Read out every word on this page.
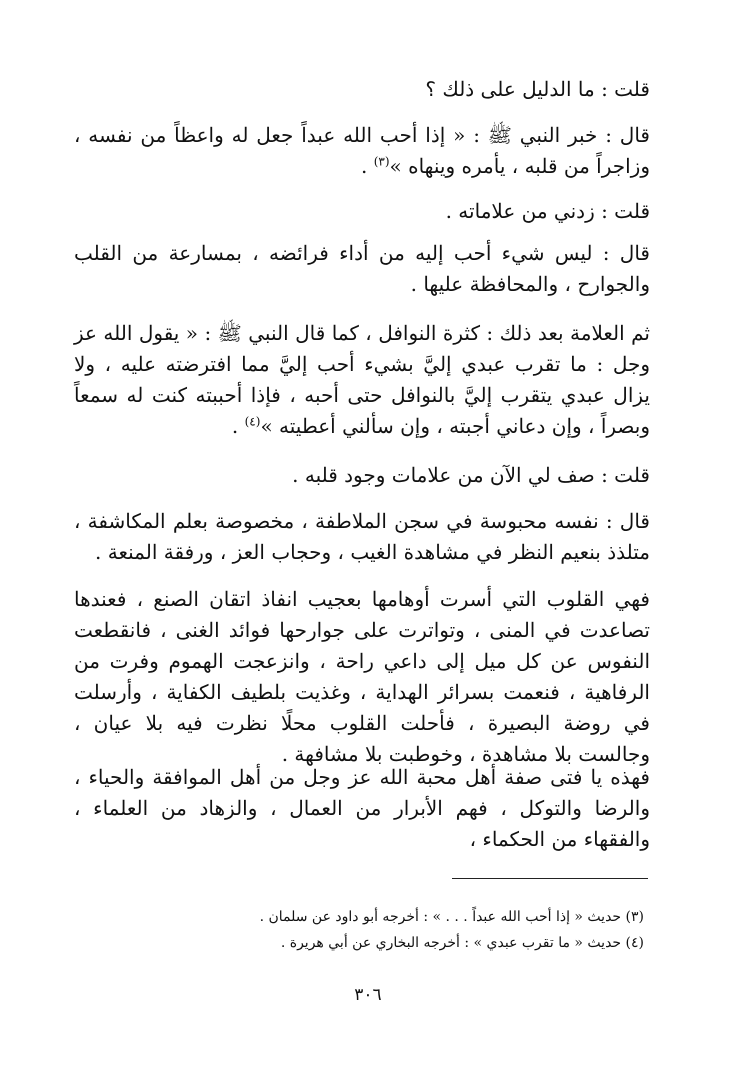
قلت : ما الدليل على ذلك ؟

قال : خبر النبي ﷺ : « إذا أحب الله عبداً جعل له واعظاً من نفسه ، وزاجراً من قلبه ، يأمره وينهاه »$^{(٣)}$ .

قلت : زدني من علاماته .

قال : ليس شيء أحب إليه من أداء فرائضه ، بمسارعة من القلب والجوارح ، والمحافظة عليها .

ثم العلامة بعد ذلك : كثرة النوافل ، كما قال النبي ﷺ : « يقول الله عز وجل : ما تقرب عبدي إليَّ بشيء أحب إليَّ مما افترضته عليه ، ولا يزال عبدي يتقرب إليَّ بالنوافل حتى أحبه ، فإذا أحببته كنت له سمعاً وبصراً ، وإن دعاني أجبته ، وإن سألني أعطيته »$^{(٤)}$ .

قلت : صف لي الآن من علامات وجود قلبه .

قال : نفسه محبوسة في سجن الملاطفة ، مخصوصة بعلم المكاشفة ، متلذذ بنعيم النظر في مشاهدة الغيب ، وحجاب العز ، ورفقة المنعة .

فهي القلوب التي أسرت أوهامها بعجيب انفاذ اتقان الصنع ، فعندها تصاعدت في المنى ، وتواترت على جوارحها فوائد الغنى ، فانقطعت النفوس عن كل ميل إلى داعي راحة ، وانزعجت الهموم وفرت من الرفاهية ، فنعمت بسرائر الهداية ، وغذيت بلطيف الكفاية ، وأرسلت في روضة البصيرة ، فأحلت القلوب محلًا نظرت فيه بلا عيان ، وجالست بلا مشاهدة ، وخوطبت بلا مشافهة .

فهذه يا فتى صفة أهل محبة الله عز وجل من أهل الموافقة والحياء ، والرضا والتوكل ، فهم الأبرار من العمال ، والزهاد من العلماء ، والفقهاء من الحكماء ،

(٣) حديث « إذا أحب الله عبداً . . . » : أخرجه أبو داود عن سلمان .

(٤) حديث « ما تقرب عبدي » : أخرجه البخاري عن أبي هريرة .

٣٠٦
